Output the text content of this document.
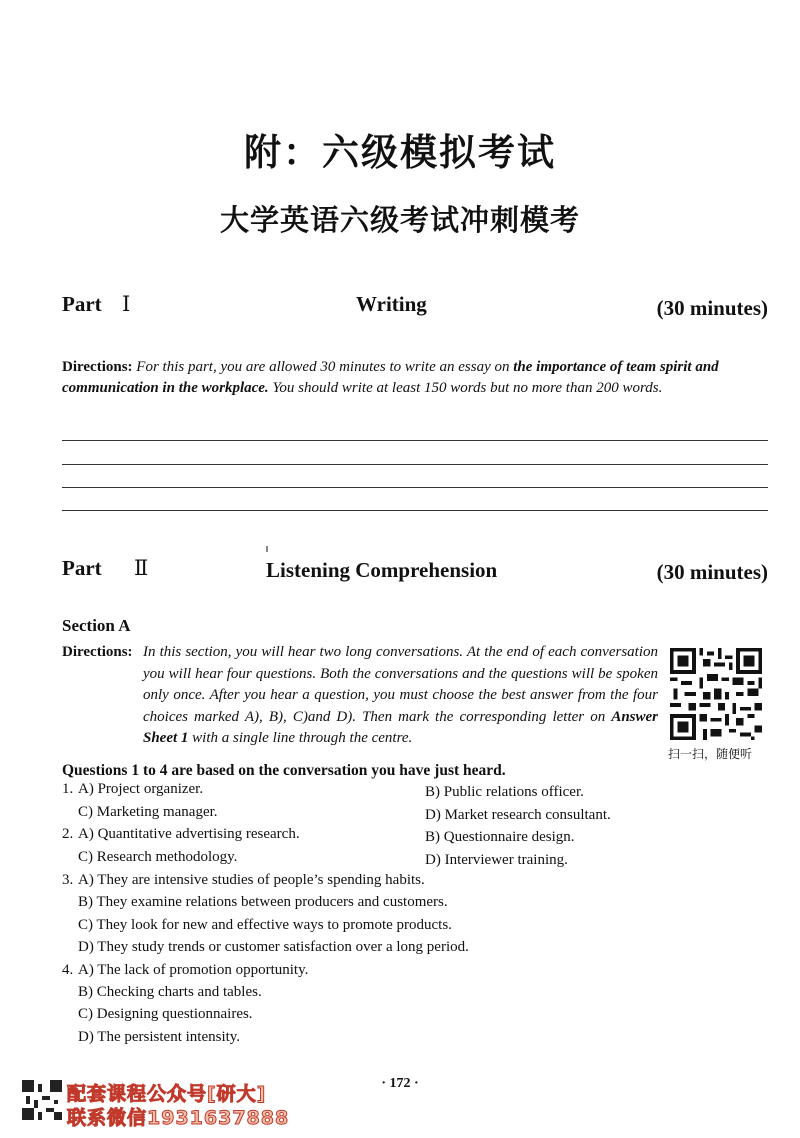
附：六级模拟考试
大学英语六级考试冲刺模考
Part Ⅰ	Writing	(30 minutes)
Directions: For this part, you are allowed 30 minutes to write an essay on the importance of team spirit and communication in the workplace. You should write at least 150 words but no more than 200 words.
Part Ⅱ	Listening Comprehension	(30 minutes)
Section A
Directions: In this section, you will hear two long conversations. At the end of each conversation you will hear four questions. Both the conversations and the questions will be spoken only once. After you hear a question, you must choose the best answer from the four choices marked A), B), C)and D). Then mark the corresponding letter on Answer Sheet 1 with a single line through the centre.
扫一扫，随便听
Questions 1 to 4 are based on the conversation you have just heard.
1. A) Project organizer.	B) Public relations officer.
C) Marketing manager.	D) Market research consultant.
2. A) Quantitative advertising research.	B) Questionnaire design.
C) Research methodology.	D) Interviewer training.
3. A) They are intensive studies of people’s spending habits.
B) They examine relations between producers and customers.
C) They look for new and effective ways to promote products.
D) They study trends or customer satisfaction over a long period.
4. A) The lack of promotion opportunity.
B) Checking charts and tables.
C) Designing questionnaires.
D) The persistent intensity.
· 172 ·
配套课程公众号[研大]
联系微信1931637888
